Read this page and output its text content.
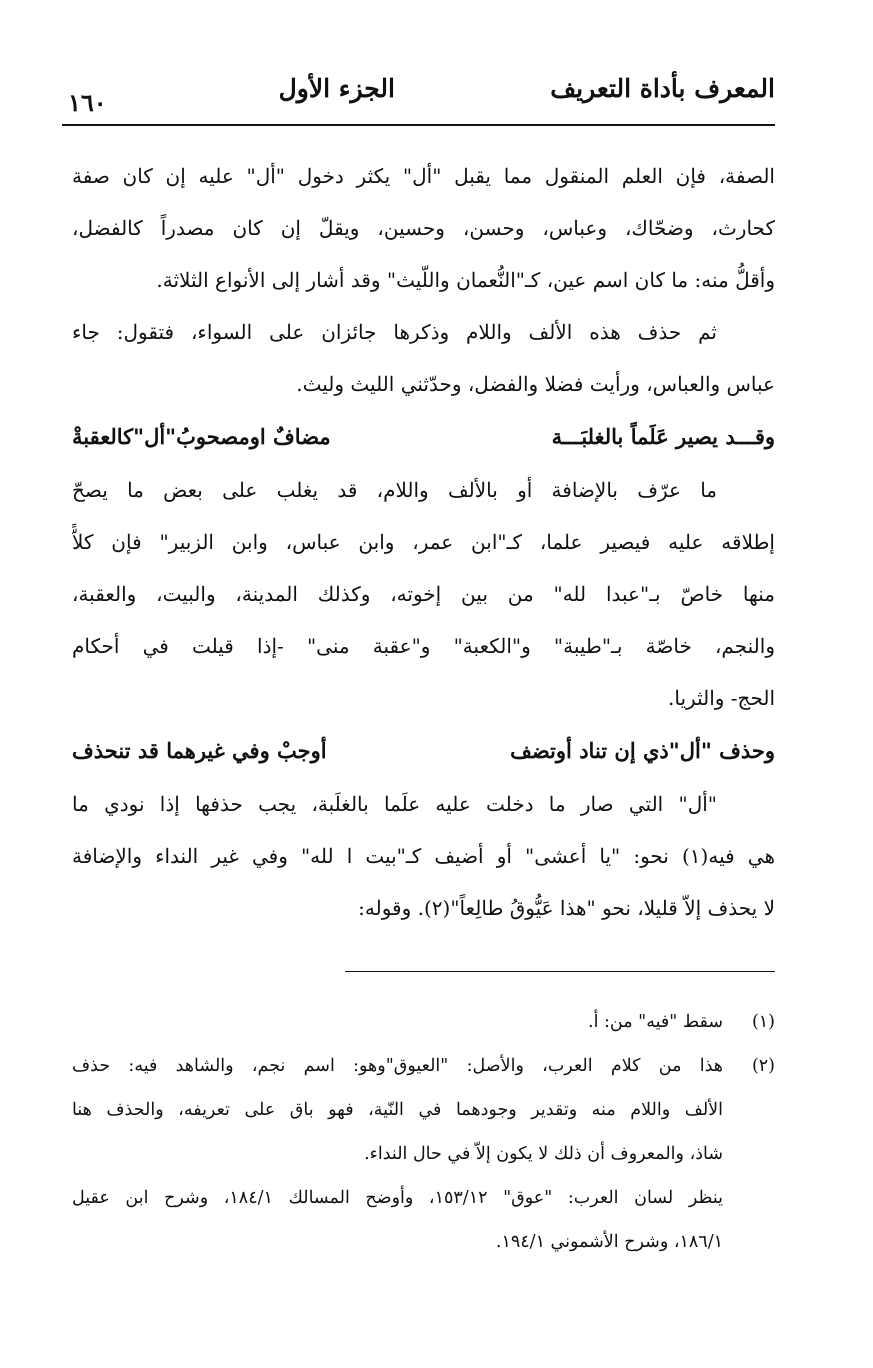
المعرف بأداة التعريف
الجزء الأول
١٦٠
الصفة، فإن العلم المنقول مما يقبل "أل" يكثر دخول "أل" عليه إن كان صفة
كحارث، وضحّاك، وعباس، وحسن، وحسين، ويقلّ إن كان مصدراً كالفضل،
وأقلُّ منه: ما كان اسم عين، كـ"النُّعمان واللّيث" وقد أشار إلى الأنواع الثلاثة.
ثم حذف هذه الألف واللام وذكرها جائزان على السواء، فتقول: جاء
عباس والعباس، ورأيت فضلا والفضل، وحدّثني الليث وليث.
وقـــد يصير عَلَماً بالغلبَـــة
مضافٌ اومصحوبُ"أل"كالعقبةْ
ما عرّف بالإضافة أو بالألف واللام، قد يغلب على بعض ما يصحّ
إطلاقه عليه فيصير علما، كـ"ابن عمر، وابن عباس، وابن الزبير" فإن كلاًّ
منها خاصّ بـ"عبدا لله" من بين إخوته، وكذلك المدينة، والبيت، والعقبة،
والنجم، خاصّة بـ"طيبة" و"الكعبة" و"عقبة منى" -إذا قيلت في أحكام
الحج- والثريا.
وحذف "أل"ذي إن تناد أوتضف
أوجبْ وفي غيرهما قد تنحذف
"أل" التي صار ما دخلت عليه علَما بالغلَبة، يجب حذفها إذا نودي ما
هي فيه(١) نحو: "يا أعشى" أو أضيف كـ"بيت ا لله" وفي غير النداء والإضافة
لا يحذف إلاّ قليلا، نحو "هذا عَيُّوقُ طالِعاً"(٢). وقوله:
(١)
سقط "فيه" من: أ.
(٢)
هذا من كلام العرب، والأصل: "العيوق"وهو: اسم نجم، والشاهد فيه: حذف
الألف واللام منه وتقدير وجودهما في النّية، فهو باق على تعريفه، والحذف هنا
شاذ، والمعروف أن ذلك لا يكون إلاّ في حال النداء.
ينظر لسان العرب: "عوق" ١٥٣/١٢، وأوضح المسالك ١٨٤/١، وشرح ابن عقيل
١٨٦/١، وشرح الأشموني ١٩٤/١.
